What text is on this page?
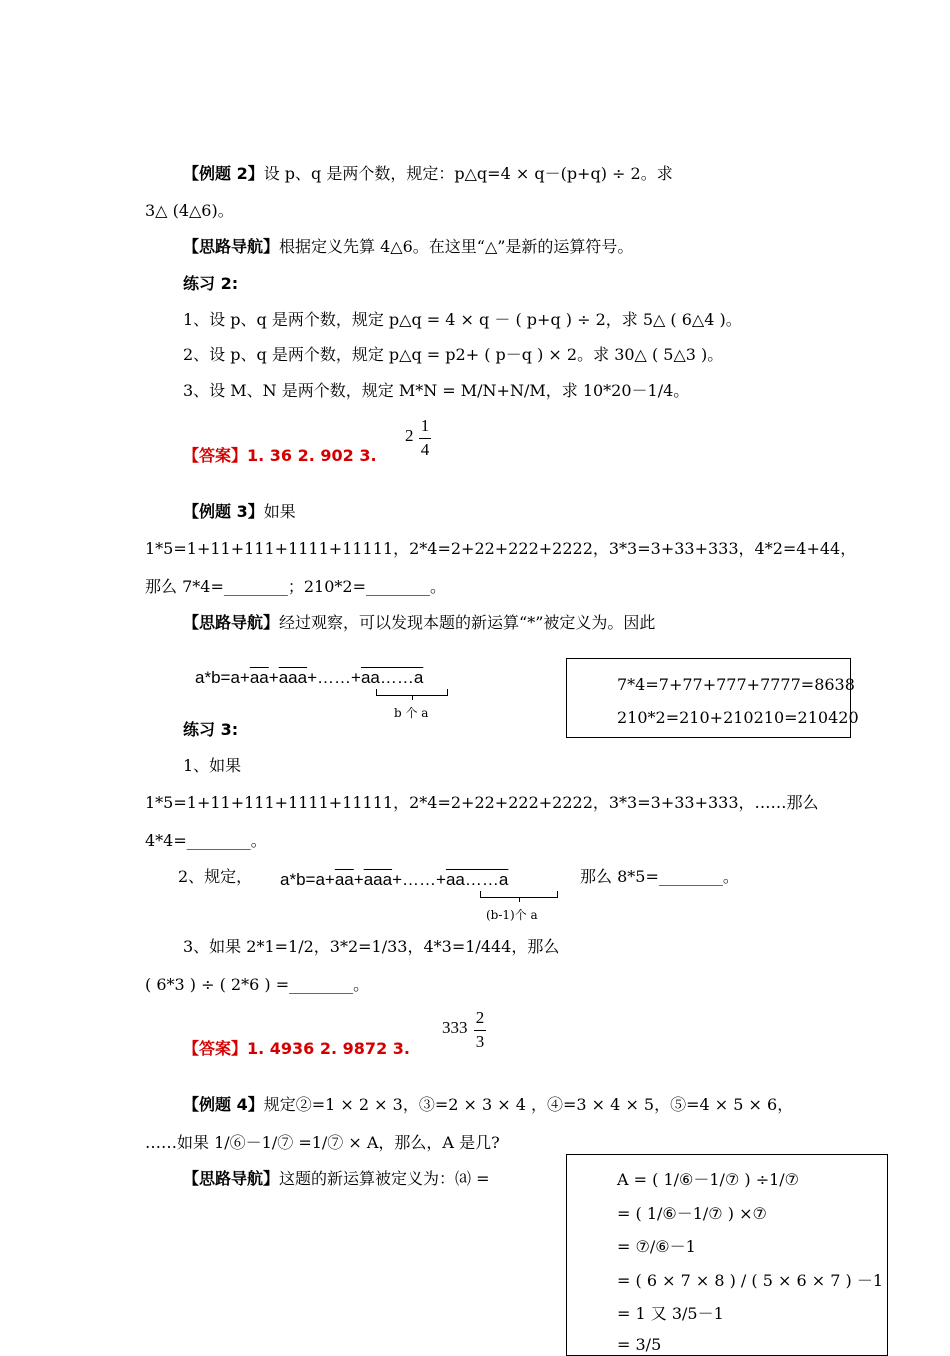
【例题 2】设 p、q 是两个数，规定：p△q=4 × q－(p+q) ÷ 2。求
3△ (4△6)。
【思路导航】根据定义先算 4△6。在这里“△”是新的运算符号。
练习 2:
1、设 p、q 是两个数，规定 p△q = 4 × q － ( p+q ) ÷ 2，求 5△ ( 6△4 )。
2、设 p、q 是两个数，规定 p△q = p2+ ( p－q ) × 2。求 30△ ( 5△3 )。
3、设 M、N 是两个数，规定 M*N = M/N+N/M，求 10*20－1/4。
【答案】1. 36 2. 902 3.
2
1
4
【例题 3】如果
1*5=1+11+111+1111+11111，2*4=2+22+222+2222，3*3=3+33+333，4*2=4+44，
那么 7*4=________；210*2=________。
【思路导航】经过观察，可以发现本题的新运算“*”被定义为。因此
$a*b=a+\overline{aa}+\overline{aaa}+\dots\dots+aa\dots\dots a$
b 个 a
7*4=7+77+777+7777=8638
210*2=210+210210=210420
练习 3:
1、如果
1*5=1+11+111+1111+11111，2*4=2+22+222+2222，3*3=3+33+333，……那么
4*4=________。
2、规定， $a*b=a+\overline{aa}+\overline{aaa}+\dots\dots+aa\dots\dots a$
(b-1)个 a
那么 8*5=________。
3、如果 2*1=1/2，3*2=1/33，4*3=1/444，那么
( 6*3 ) ÷ ( 2*6 ) =________。
【答案】1. 4936 2. 9872 3.
333
2
3
【例题 4】规定②=1 × 2 × 3，③=2 × 3 × 4 ，④=3 × 4 × 5，⑤=4 × 5 × 6，
……如果 1/⑥－1/⑦ =1/⑦ × A，那么，A 是几?
【思路导航】这题的新运算被定义为：⒜ =	A = ( 1/⑥－1/⑦ ) ÷1/⑦
= ( 1/⑥－1/⑦ ) ×⑦
= ⑦/⑥－1
= ( 6 × 7 × 8 ) / ( 5 × 6 × 7 ) －1
= 1 又 3/5－1
= 3/5
